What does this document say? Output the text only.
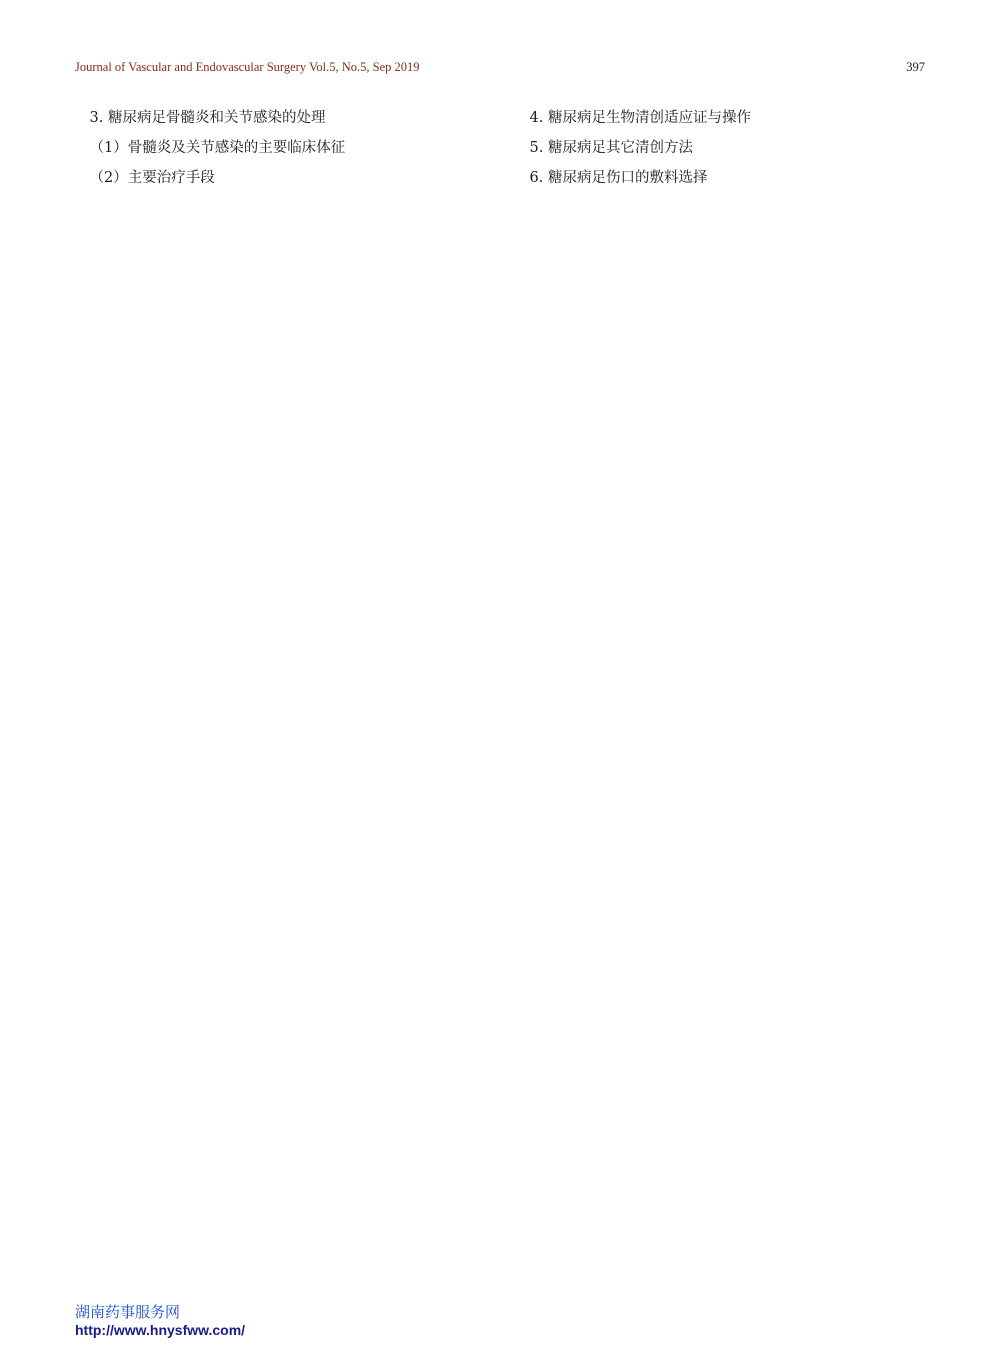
Journal of Vascular and Endovascular Surgery Vol.5, No.5, Sep 2019	397

3. 糖尿病足骨髓炎和关节感染的处理

（1）骨髓炎及关节感染的主要临床体征

（2）主要治疗手段

4. 糖尿病足生物清创适应证与操作

5. 糖尿病足其它清创方法

6. 糖尿病足伤口的敷料选择

湖南药事服务网
http://www.hnysfww.com/
